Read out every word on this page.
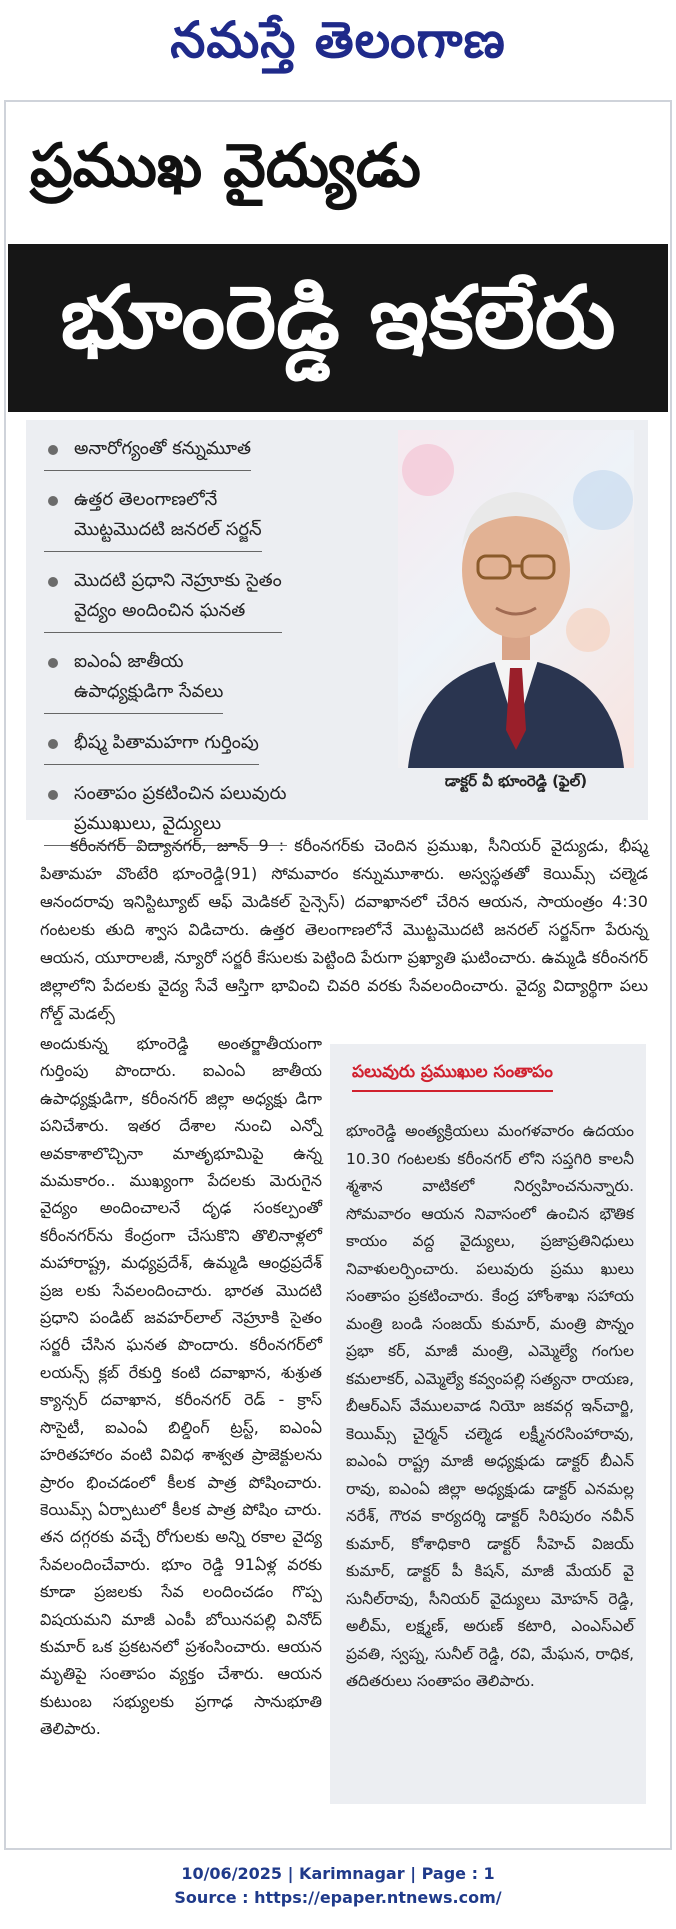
నమస్తే తెలంగాణ
ప్రముఖ వైద్యుడు
భూంరెడ్డి ఇకలేరు
అనారోగ్యంతో కన్నుమూత
ఉత్తర తెలంగాణలోనే
మొట్టమొదటి జనరల్ సర్జన్
మొదటి ప్రధాని నెహ్రూకు సైతం
వైద్యం అందించిన ఘనత
ఐఎంఏ జాతీయ
ఉపాధ్యక్షుడిగా సేవలు
భీష్మ పితామహగా గుర్తింపు
సంతాపం ప్రకటించిన పలువురు
ప్రముఖులు, వైద్యులు
డాక్టర్ వీ భూంరెడ్డి (ఫైల్)

కరీంనగర్ విద్యానగర్, జూన్ 9 : కరీంనగర్‌కు చెందిన ప్రముఖ, సీనియర్ వైద్యుడు, భీష్మ పితామహ వొంటేరి భూంరెడ్డి(91) సోమవారం కన్నుమూశారు. అస్వస్థతతో కెయిమ్స్ చల్మెడ ఆనందరావు ఇనిస్టిట్యూట్ ఆఫ్ మెడికల్ సైన్సెస్) దవాఖానలో చేరిన ఆయన, సాయంత్రం 4:30 గంటలకు తుది శ్వాస విడిచారు. ఉత్తర తెలంగాణలోనే మొట్టమొదటి జనరల్ సర్జన్‌గా పేరున్న ఆయన, యూరాలజీ, న్యూరో సర్జరీ కేసులకు పెట్టింది పేరుగా ప్రఖ్యాతి ఘటించారు. ఉమ్మడి కరీంనగర్ జిల్లాలోని పేదలకు వైద్య సేవే ఆస్తిగా భావించి చివరి వరకు సేవలందించారు. వైద్య విద్యార్థిగా పలు గోల్డ్ మెడల్స్

అందుకున్న భూంరెడ్డి అంతర్జాతీయంగా గుర్తింపు పొందారు. ఐఎంఏ జాతీయ ఉపాధ్యక్షుడిగా, కరీంనగర్ జిల్లా అధ్యక్షు డిగా పనిచేశారు. ఇతర దేశాల నుంచి ఎన్నో అవకాశాలొచ్చినా మాతృభూమిపై ఉన్న మమకారం.. ముఖ్యంగా పేదలకు మెరుగైన వైద్యం అందించాలనే దృఢ సంకల్పంతో కరీంనగర్‌ను కేంద్రంగా చేసుకొని తొలినాళ్లలో మహారాష్ట్ర, మధ్యప్రదేశ్, ఉమ్మడి ఆంధ్రప్రదేశ్ ప్రజ లకు సేవలందించారు. భారత మొదటి ప్రధాని పండిట్ జవహర్‌లాల్ నెహ్రూకి సైతం సర్జరీ చేసిన ఘనత పొందారు. కరీంనగర్‌లో లయన్స్ క్లబ్ రేకుర్తి కంటి దవాఖాన, శుశ్రుత క్యాన్సర్ దవాఖాన, కరీంనగర్ రెడ్ - క్రాస్ సొసైటీ, ఐఎంఏ బిల్డింగ్ ట్రస్ట్, ఐఎంఏ హరితహారం వంటి వివిధ శాశ్వత ప్రాజెక్టులను ప్రారం భించడంలో కీలక పాత్ర పోషించారు. కెయిమ్స్ ఏర్పాటులో కీలక పాత్ర పోషిం చారు. తన దగ్గరకు వచ్చే రోగులకు అన్ని రకాల వైద్య సేవలందించేవారు. భూం రెడ్డి 91ఏళ్ల వరకు కూడా ప్రజలకు సేవ లందించడం గొప్ప విషయమని మాజీ ఎంపీ బోయినపల్లి వినోద్ కుమార్ ఒక ప్రకటనలో ప్రశంసించారు. ఆయన మృతిపై సంతాపం వ్యక్తం చేశారు. ఆయన కుటుంబ సభ్యులకు ప్రగాఢ సానుభూతి తెలిపారు.

పలువురు ప్రముఖుల సంతాపం
భూంరెడ్డి అంత్యక్రియలు మంగళవారం ఉదయం 10.30 గంటలకు కరీంనగర్ లోని సప్తగిరి కాలనీ శ్మశాన వాటికలో నిర్వహించనున్నారు. సోమవారం ఆయన నివాసంలో ఉంచిన భౌతిక కాయం వద్ద వైద్యులు, ప్రజాప్రతినిధులు నివాళులర్పించారు. పలువురు ప్రము ఖులు సంతాపం ప్రకటించారు. కేంద్ర హోంశాఖ సహాయ మంత్రి బండి సంజయ్ కుమార్, మంత్రి పొన్నం ప్రభా కర్, మాజీ మంత్రి, ఎమ్మెల్యే గంగుల కమలాకర్, ఎమ్మెల్యే కవ్వంపల్లి సత్యనా రాయణ, బీఆర్ఎస్ వేములవాడ నియో జకవర్గ ఇన్‌చార్జి, కెయిమ్స్ చైర్మన్ చల్మెడ లక్ష్మీనరసింహారావు, ఐఎంఏ రాష్ట్ర మాజీ అధ్యక్షుడు డాక్టర్ బీఎన్ రావు, ఐఎంఏ జిల్లా అధ్యక్షుడు డాక్టర్ ఎనమల్ల నరేశ్, గౌరవ కార్యదర్శి డాక్టర్ సిరిపురం నవీన్ కుమార్, కోశాధికారి డాక్టర్ సీహెచ్ విజయ్ కుమార్, డాక్టర్ పీ కిషన్, మాజీ మేయర్ వై సునీల్‌రావు, సీనియర్ వైద్యులు మోహన్ రెడ్డి, అలీమ్, లక్ష్మణ్, అరుణ్ కటారి, ఎంఎస్ఎల్ ప్రవతి, స్వప్న, సునీల్ రెడ్డి, రవి, మేఘన, రాధిక, తదితరులు సంతాపం తెలిపారు.
10/06/2025 | Karimnagar | Page : 1
Source : https://epaper.ntnews.com/
